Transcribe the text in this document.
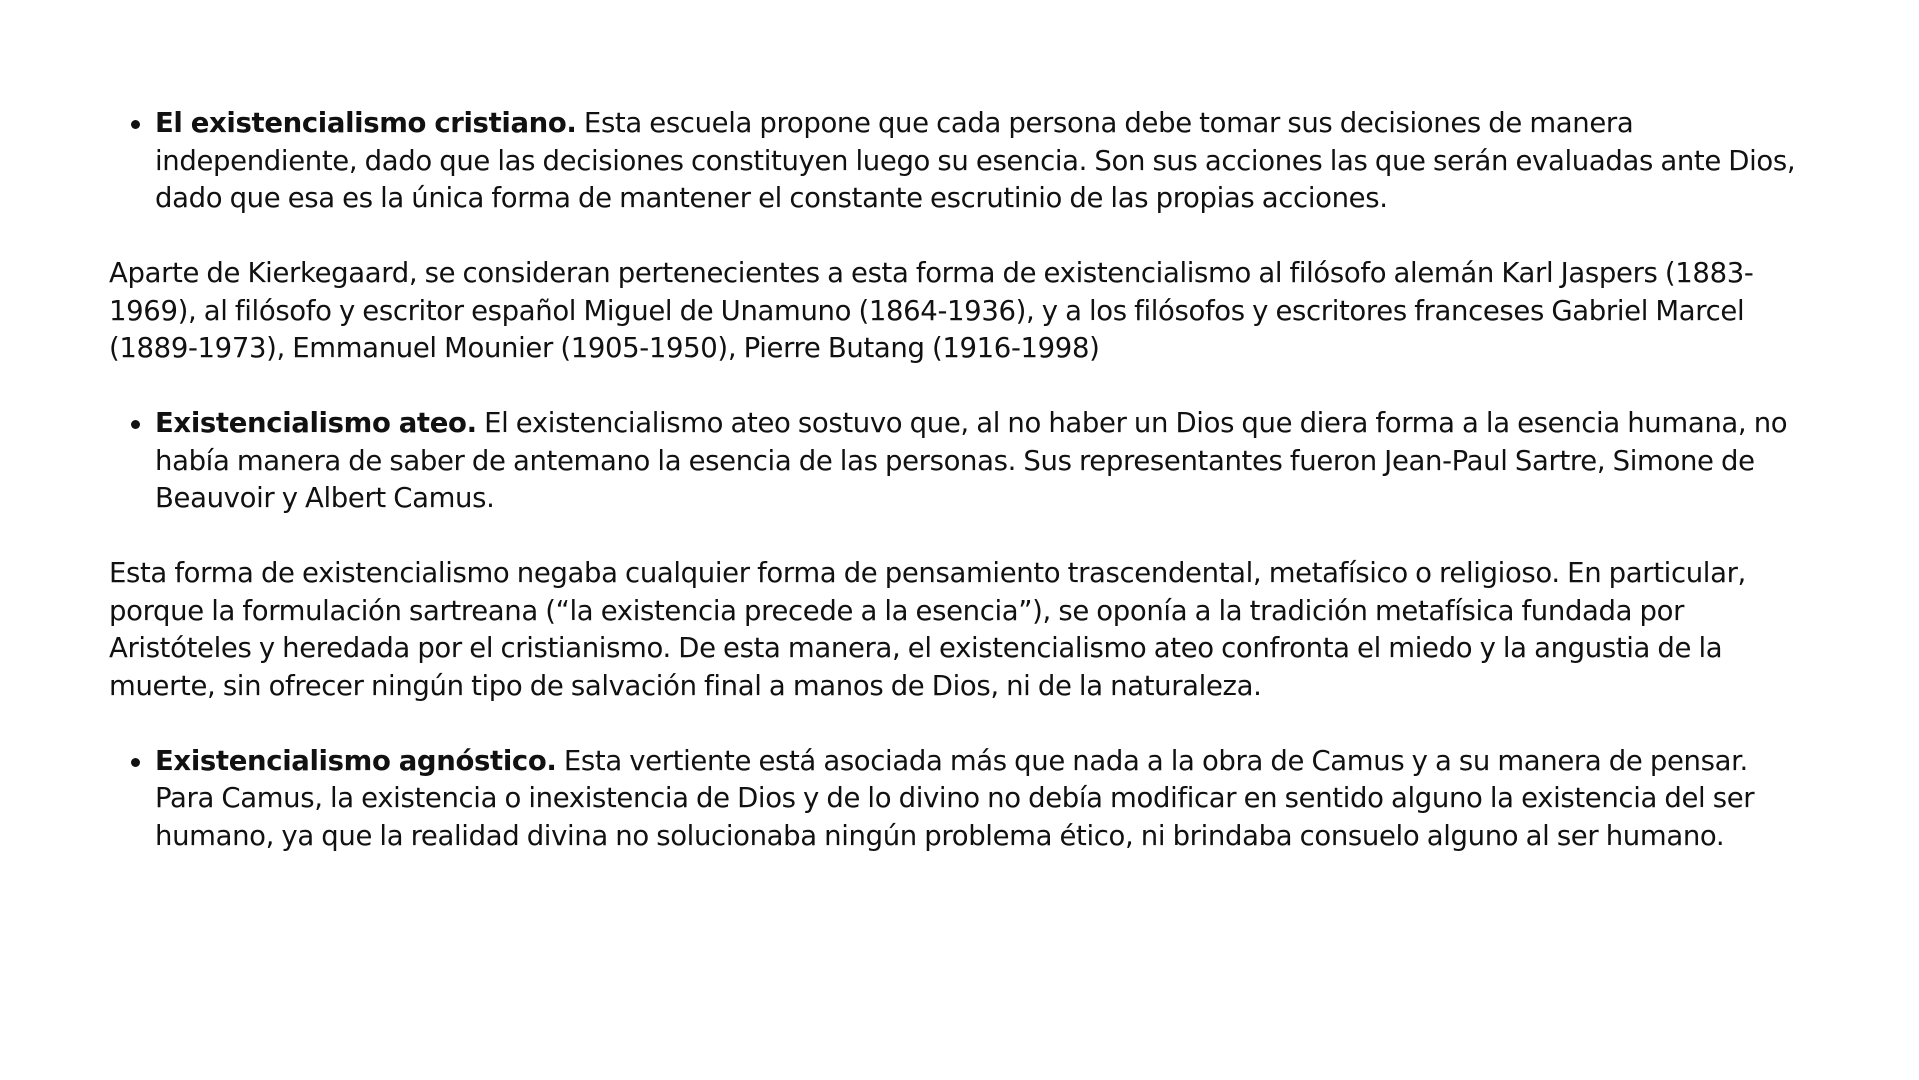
El existencialismo cristiano. Esta escuela propone que cada persona debe tomar sus decisiones de manera independiente, dado que las decisiones constituyen luego su esencia. Son sus acciones las que serán evaluadas ante Dios, dado que esa es la única forma de mantener el constante escrutinio de las propias acciones.

Aparte de Kierkegaard, se consideran pertenecientes a esta forma de existencialismo al filósofo alemán Karl Jaspers (1883-1969), al filósofo y escritor español Miguel de Unamuno (1864-1936), y a los filósofos y escritores franceses Gabriel Marcel (1889-1973), Emmanuel Mounier (1905-1950), Pierre Butang (1916-1998)

Existencialismo ateo. El existencialismo ateo sostuvo que, al no haber un Dios que diera forma a la esencia humana, no había manera de saber de antemano la esencia de las personas. Sus representantes fueron Jean-Paul Sartre, Simone de Beauvoir y Albert Camus.

Esta forma de existencialismo negaba cualquier forma de pensamiento trascendental, metafísico o religioso. En particular, porque la formulación sartreana (“la existencia precede a la esencia”), se oponía a la tradición metafísica fundada por Aristóteles y heredada por el cristianismo. De esta manera, el existencialismo ateo confronta el miedo y la angustia de la muerte, sin ofrecer ningún tipo de salvación final a manos de Dios, ni de la naturaleza.

Existencialismo agnóstico. Esta vertiente está asociada más que nada a la obra de Camus y a su manera de pensar. Para Camus, la existencia o inexistencia de Dios y de lo divino no debía modificar en sentido alguno la existencia del ser humano, ya que la realidad divina no solucionaba ningún problema ético, ni brindaba consuelo alguno al ser humano.
